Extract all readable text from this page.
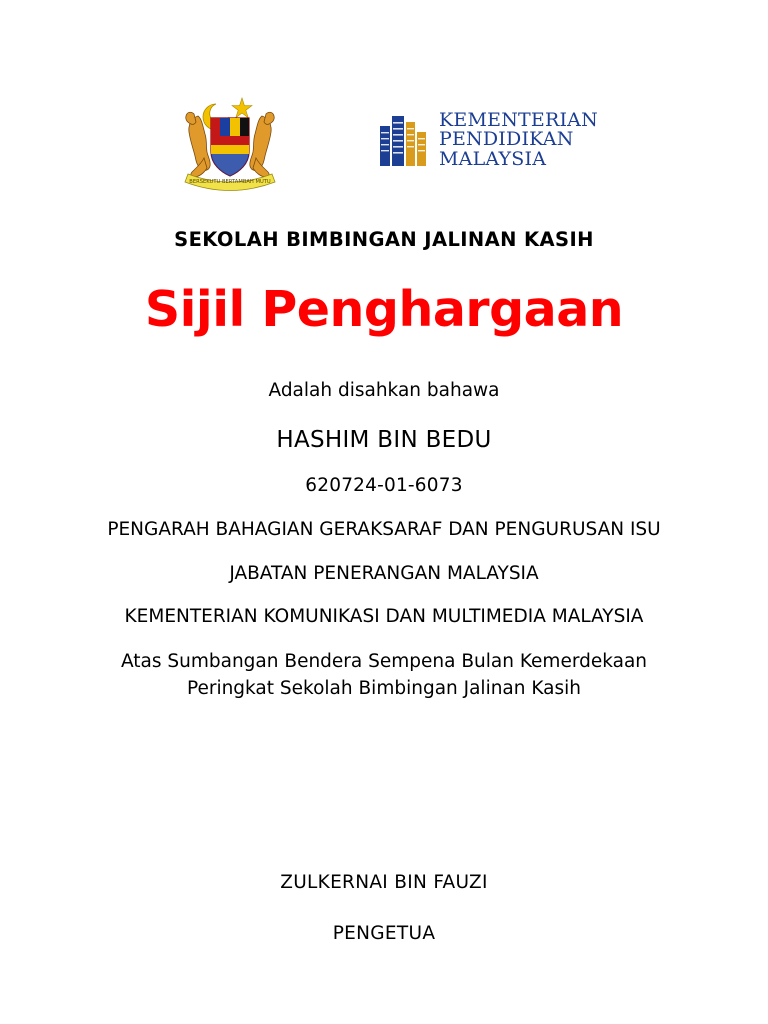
BERSEKUTU BERTAMBAH MUTU
KEMENTERIAN
PENDIDIKAN
MALAYSIA
SEKOLAH BIMBINGAN JALINAN KASIH
Sijil Penghargaan
Adalah disahkan bahawa
HASHIM BIN BEDU
620724-01-6073
PENGARAH BAHAGIAN GERAKSARAF DAN PENGURUSAN ISU
JABATAN PENERANGAN MALAYSIA
KEMENTERIAN KOMUNIKASI DAN MULTIMEDIA MALAYSIA
Atas Sumbangan Bendera Sempena Bulan Kemerdekaan
Peringkat Sekolah Bimbingan Jalinan Kasih
ZULKERNAI BIN FAUZI
PENGETUA
